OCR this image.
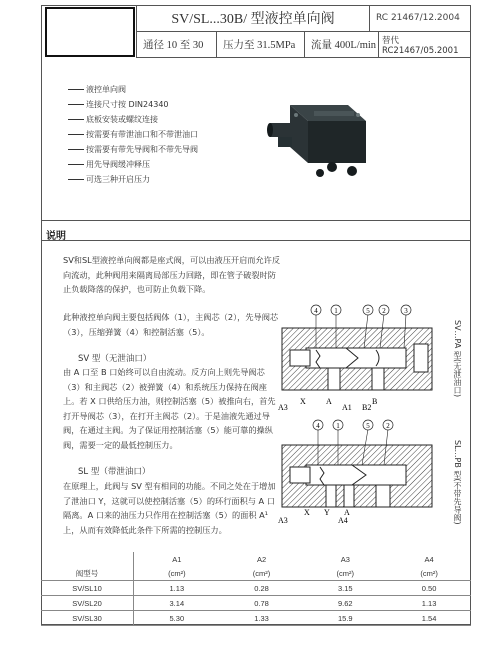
SV/SL...30B/ 型液控单向阀	RC 21467/12.2004
通径 10 至 30	压力至 31.5MPa	流量 400L/min 替代 RC21467/05.2001
液控单向阀
连接尺寸按 DIN24340
底板安装或螺纹连接
按需要有带泄油口和不带泄油口
按需要有带先导阀和不带先导阀
用先导阀缓冲释压
可选三种开启压力
说明

SV和SL型液控单向阀都是座式阀，可以由液压开启而允许反向流动，此种阀用来隔离局部压力回路，即在管子破裂时防止负载降落的保护，也可防止负载下降。

此种液控单向阀主要包括阀体（1），主阀芯（2），先导阀芯（3），压缩弹簧（4）和控制活塞（5）。

SV 型（无泄油口）

由 A 口至 B 口始终可以自由流动。反方向上则先导阀芯（3）和主阀芯（2）被弹簧（4）和系统压力保持在阀座上。若 X 口供给压力油，则控制活塞（5）被推向右，首先打开导阀芯（3），在打开主阀芯（2）。于是油液先通过导阀，在通过主阀。为了保证用控制活塞（5）能可靠的操纵阀，需要一定的最低控制压力。

SL 型（带泄油口）

在原理上，此阀与 SV 型有相同的功能。不同之处在于增加了泄油口 Y，这就可以使控制活塞（5）的环行面积与 A 口隔离。A 口来的油压力只作用在控制活塞（5）的面积 A¹ 上，从而有效降低此条件下所需的控制压力。

4 1	5 2	3
A3
X	A
A1
B
B2
4 1	5 2
A3
X Y A
A4
SV…PA 型(无泄油口)
SL…PB 型(不带先导阀)
	A1	A2	A3	A4
阀型号	(cm²)	(cm²)	(cm²)	(cm²)
SV/SL10	1.13	0.28	3.15	0.50
SV/SL20	3.14	0.78	9.62	1.13
SV/SL30	5.30	1.33	15.9	1.54
